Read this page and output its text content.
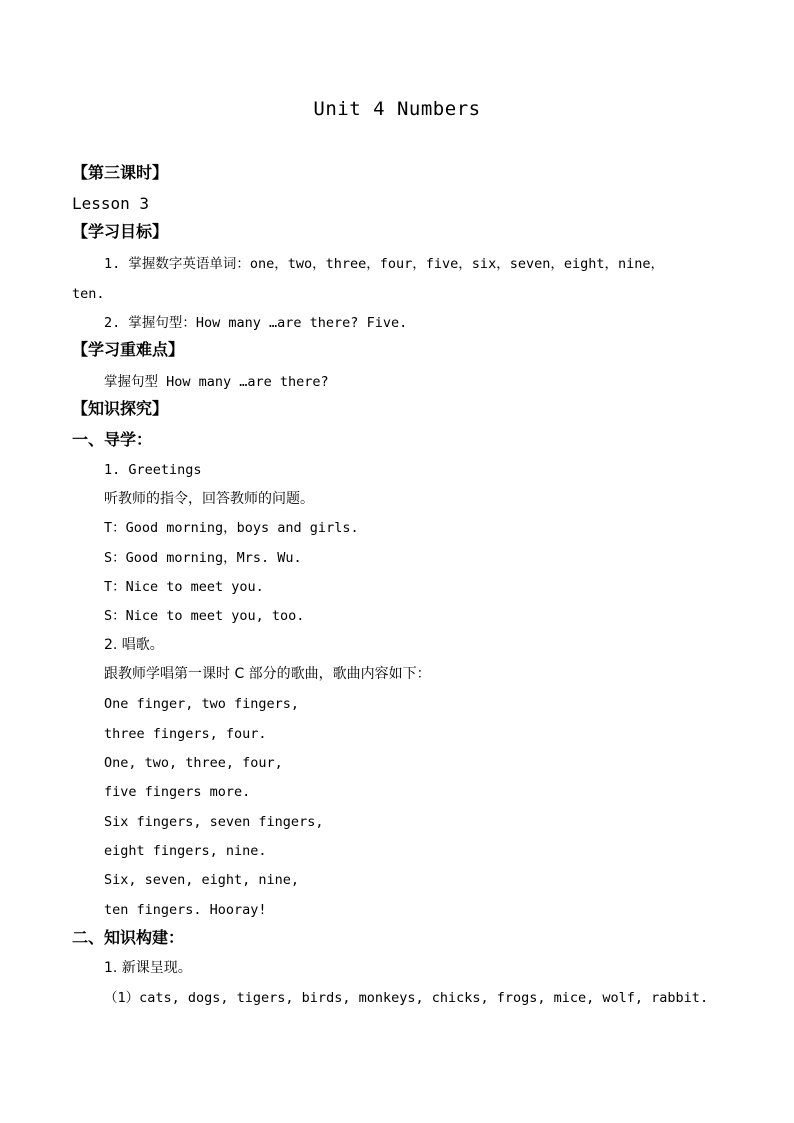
Unit 4 Numbers
【第三课时】
Lesson 3
【学习目标】
1. 掌握数字英语单词：one，two，three，four，five，six，seven，eight，nine，
ten.
2. 掌握句型：How many …are there? Five.
【学习重难点】
掌握句型 How many …are there?
【知识探究】
一、导学：
1. Greetings
听教师的指令，回答教师的问题。
T：Good morning，boys and girls.
S：Good morning，Mrs. Wu.
T：Nice to meet you.
S：Nice to meet you, too.
2. 唱歌。
跟教师学唱第一课时 C 部分的歌曲，歌曲内容如下：
One finger, two fingers,
three fingers, four.
One, two, three, four,
five fingers more.
Six fingers, seven fingers,
eight fingers, nine.
Six, seven, eight, nine,
ten fingers. Hooray!
二、知识构建：
1. 新课呈现。
（1）cats, dogs, tigers, birds, monkeys, chicks, frogs, mice, wolf, rabbit.
